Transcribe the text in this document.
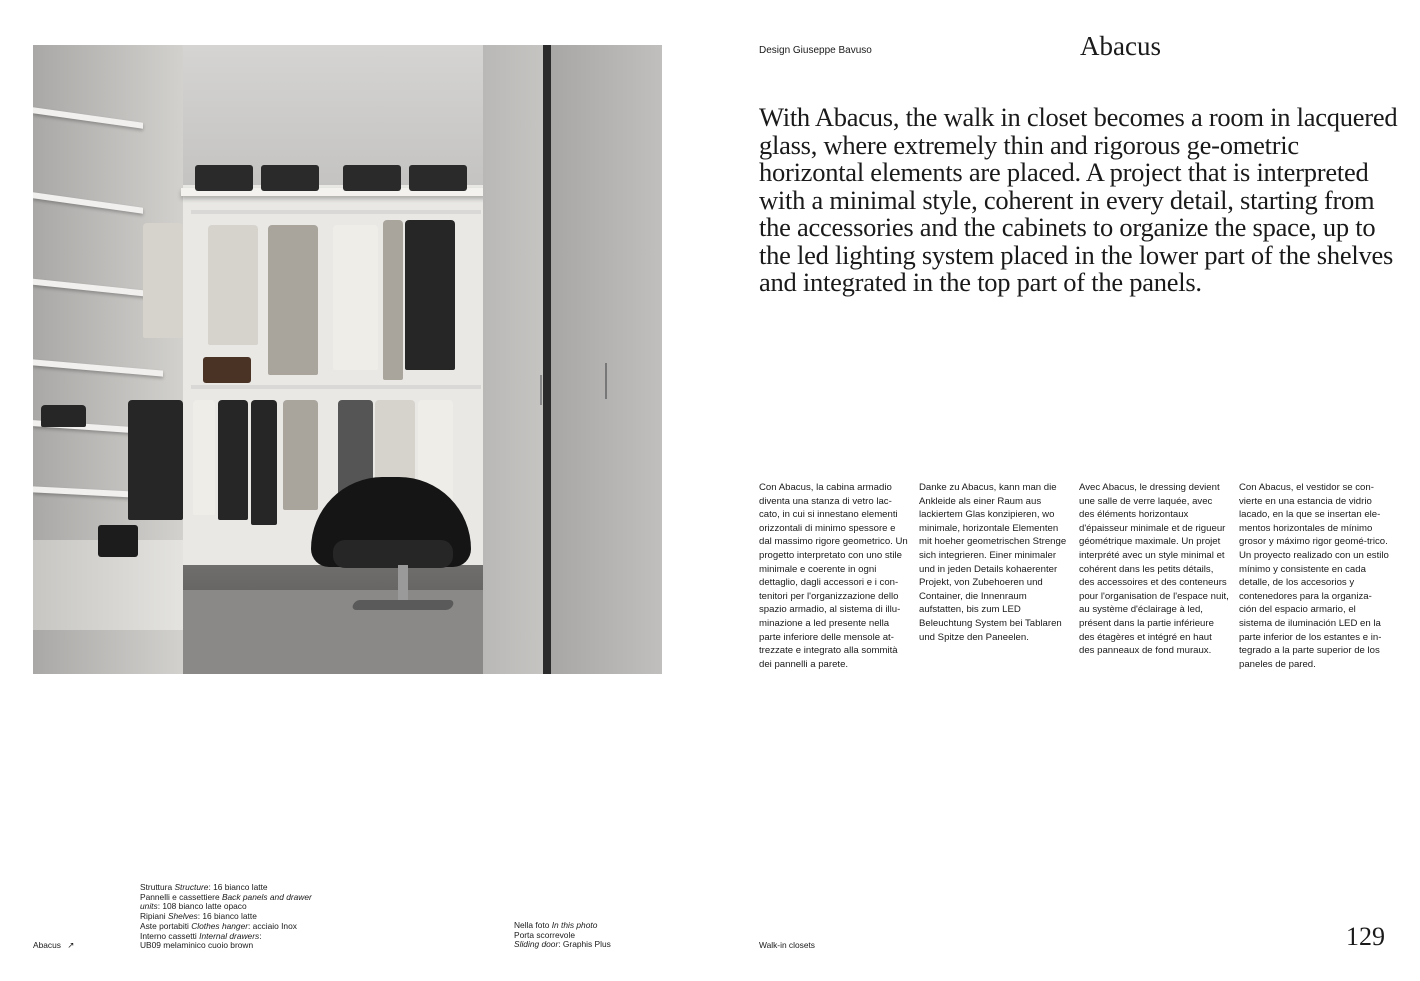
Design Giuseppe Bavuso	Abacus

With Abacus, the walk in closet becomes a room in lacquered glass, where extremely thin and rigorous ge-ometric horizontal elements are placed. A project that is interpreted with a minimal style, coherent in every detail, starting from the accessories and the cabinets to organize the space, up to the led lighting system placed in the lower part of the shelves and integrated in the top part of the panels.

Con Abacus, la cabina armadio diventa una stanza di vetro lac-cato, in cui si innestano elementi orizzontali di minimo spessore e dal massimo rigore geometrico. Un progetto interpretato con uno stile minimale e coerente in ogni dettaglio, dagli accessori e i con-tenitori per l'organizzazione dello spazio armadio, al sistema di illu-minazione a led presente nella parte inferiore delle mensole at-trezzate e integrato alla sommità dei pannelli a parete.

Danke zu Abacus, kann man die Ankleide als einer Raum aus lackiertem Glas konzipieren, wo minimale, horizontale Elementen mit hoeher geometrischen Strenge sich integrieren. Einer minimaler und in jeden Details kohaerenter Projekt, von Zubehoeren und Container, die Innenraum aufstatten, bis zum LED Beleuchtung System bei Tablaren und Spitze den Paneelen.

Avec Abacus, le dressing devient une salle de verre laquée, avec des éléments horizontaux d'épaisseur minimale et de rigueur géométrique maximale. Un projet interprété avec un style minimal et cohérent dans les petits détails, des accessoires et des conteneurs pour l'organisation de l'espace nuit, au système d'éclairage à led, présent dans la partie inférieure des étagères et intégré en haut des panneaux de fond muraux.

Con Abacus, el vestidor se con-vierte en una estancia de vidrio lacado, en la que se insertan ele-mentos horizontales de mínimo grosor y máximo rigor geomé-trico. Un proyecto realizado con un estilo mínimo y consistente en cada detalle, de los accesorios y contenedores para la organiza-ción del espacio armario, el sistema de iluminación LED en la parte inferior de los estantes e in-tegrado a la parte superior de los paneles de pared.

Struttura Structure: 16 bianco latte
Pannelli e cassettiere Back panels and drawer
units: 108 bianco latte opaco
Ripiani Shelves: 16 bianco latte
Aste portabiti Clothes hanger: acciaio Inox
Interno cassetti Internal drawers:
UB09 melaminico cuoio brown
Nella foto In this photo
Porta scorrevole
Sliding door: Graphis Plus
Abacus ↗	Walk-in closets	129
